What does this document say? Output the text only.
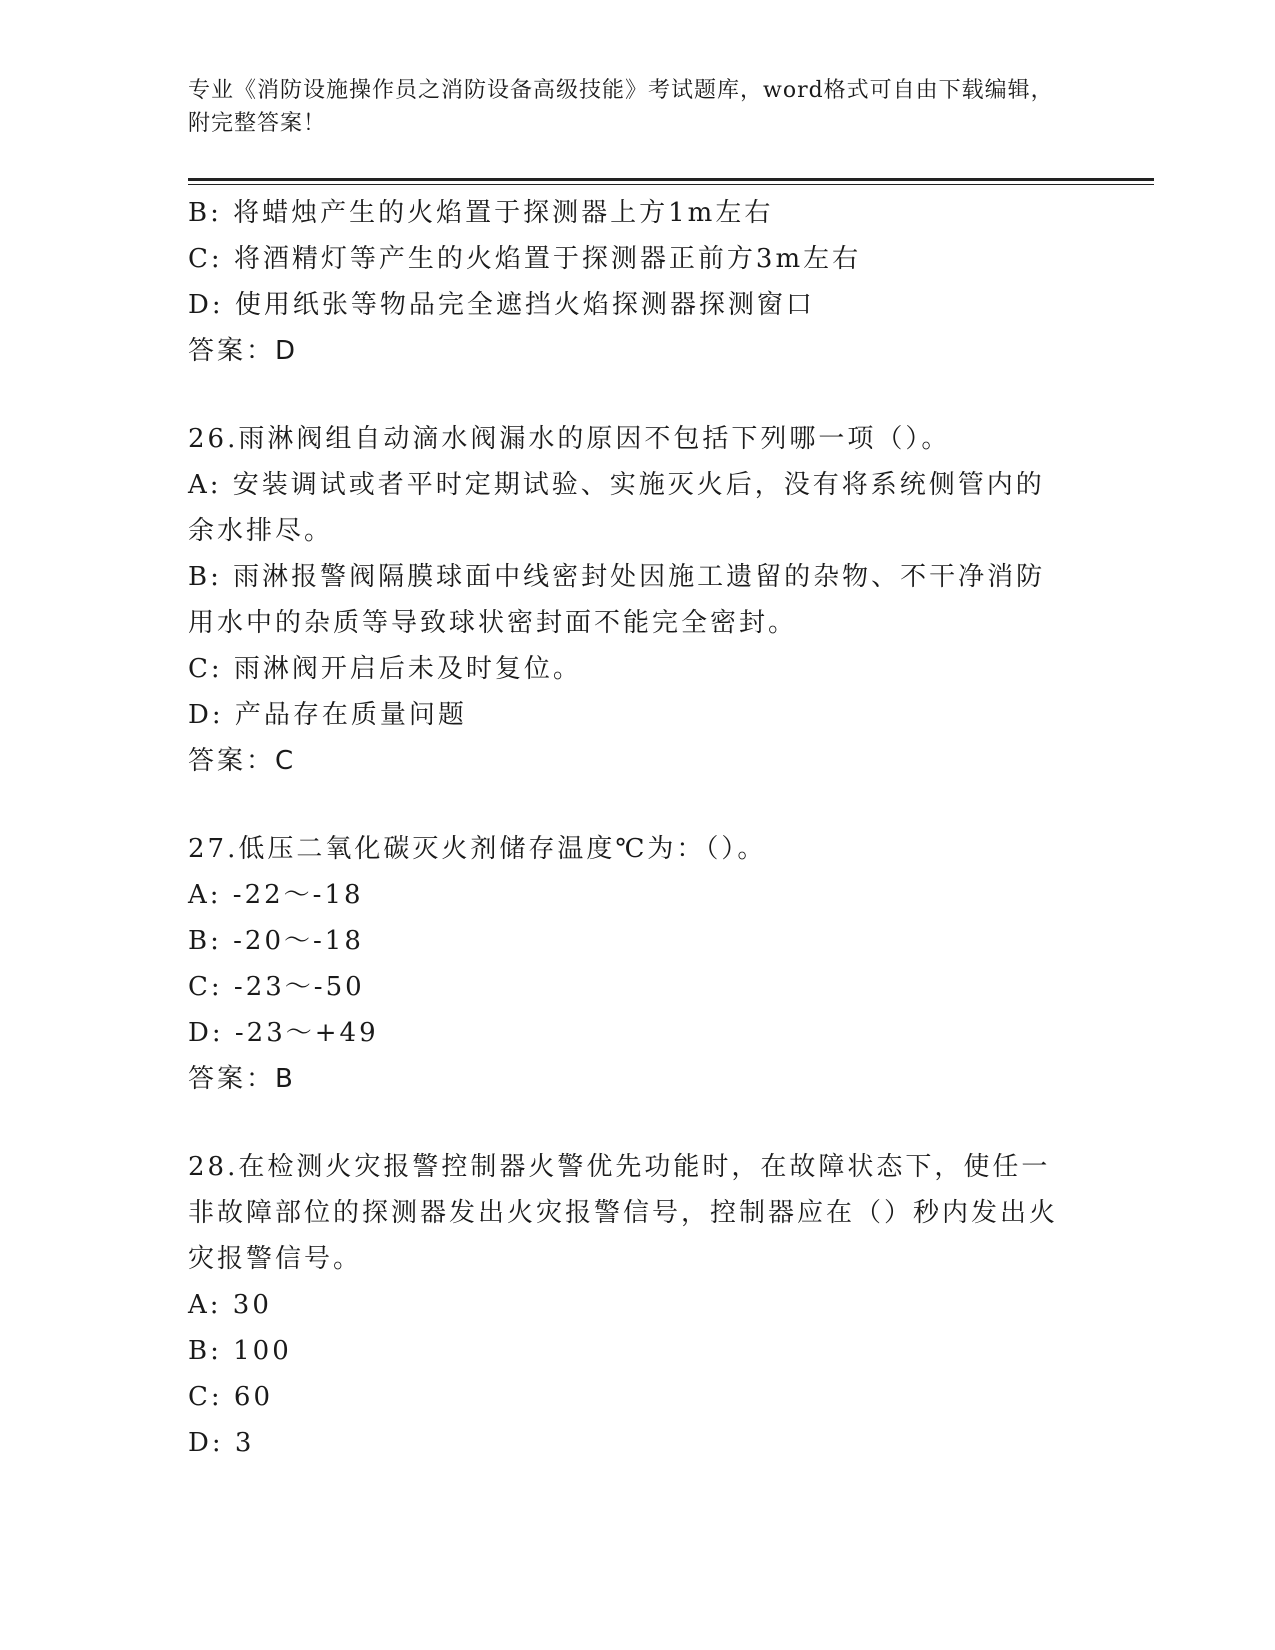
专业《消防设施操作员之消防设备高级技能》考试题库，word格式可自由下载编辑，附完整答案！

B: 将蜡烛产生的火焰置于探测器上方1m左右

C: 将酒精灯等产生的火焰置于探测器正前方3m左右

D: 使用纸张等物品完全遮挡火焰探测器探测窗口

答案：D

26.雨淋阀组自动滴水阀漏水的原因不包括下列哪一项（）。

A: 安装调试或者平时定期试验、实施灭火后，没有将系统侧管内的余水排尽。

B: 雨淋报警阀隔膜球面中线密封处因施工遗留的杂物、不干净消防用水中的杂质等导致球状密封面不能完全密封。

C: 雨淋阀开启后未及时复位。

D: 产品存在质量问题

答案：C

27.低压二氧化碳灭火剂储存温度℃为：（）。

A: -22～-18

B: -20～-18

C: -23～-50

D: -23～+49

答案：B

28.在检测火灾报警控制器火警优先功能时，在故障状态下，使任一非故障部位的探测器发出火灾报警信号，控制器应在（）秒内发出火灾报警信号。

A: 30

B: 100

C: 60

D: 3
